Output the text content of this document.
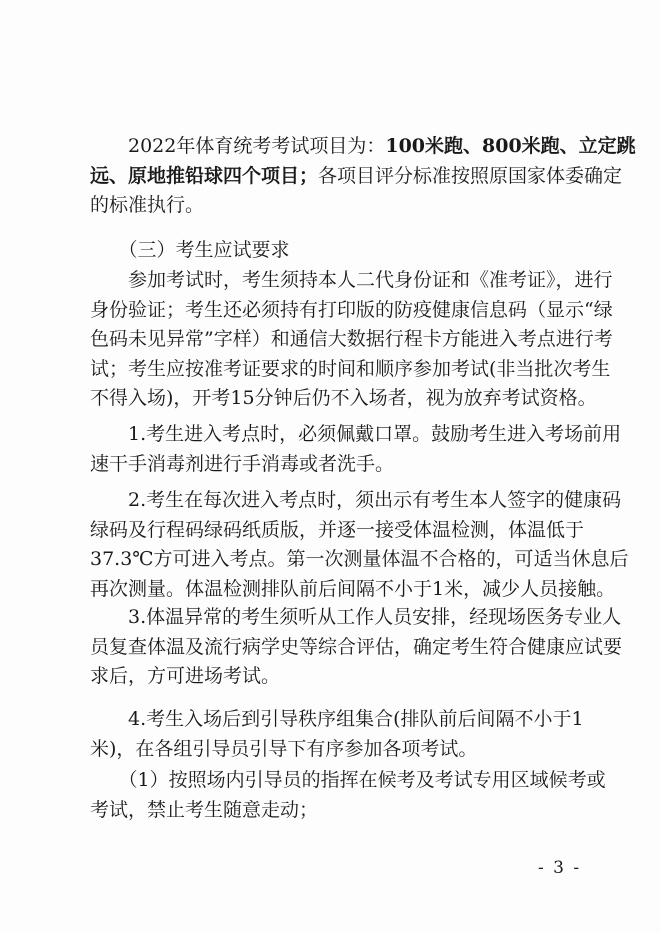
　　2022年体育统考考试项目为：100米跑、800米跑、立定跳
远、原地推铅球四个项目；各项目评分标准按照原国家体委确定
的标准执行。
　　（三）考生应试要求
　　参加考试时，考生须持本人二代身份证和《准考证》，进行
身份验证；考生还必须持有打印版的防疫健康信息码（显示“绿
色码未见异常”字样）和通信大数据行程卡方能进入考点进行考
试；考生应按准考证要求的时间和顺序参加考试(非当批次考生
不得入场)，开考15分钟后仍不入场者，视为放弃考试资格。
　　1.考生进入考点时，必须佩戴口罩。鼓励考生进入考场前用
速干手消毒剂进行手消毒或者洗手。
　　2.考生在每次进入考点时，须出示有考生本人签字的健康码
绿码及行程码绿码纸质版，并逐一接受体温检测，体温低于
37.3℃方可进入考点。第一次测量体温不合格的，可适当休息后
再次测量。体温检测排队前后间隔不小于1米，减少人员接触。
　　3.体温异常的考生须听从工作人员安排，经现场医务专业人
员复查体温及流行病学史等综合评估，确定考生符合健康应试要
求后，方可进场考试。
　　4.考生入场后到引导秩序组集合(排队前后间隔不小于1
米)，在各组引导员引导下有序参加各项考试。
　　（1）按照场内引导员的指挥在候考及考试专用区域候考或
考试，禁止考生随意走动；
- 3 -
